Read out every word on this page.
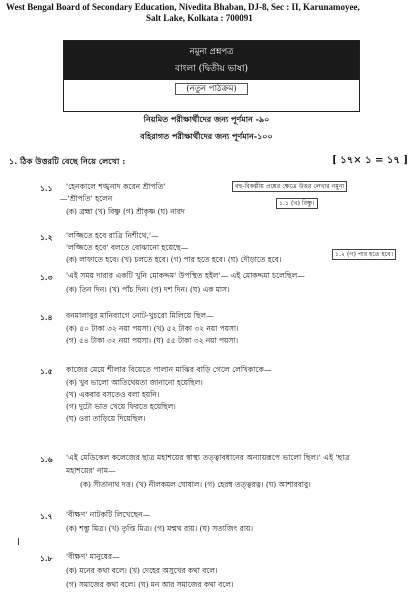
West Bengal Board of Secondary Education, Nivedita Bhaban, DJ-8, Sec : II, Karunamoyee,
Salt Lake, Kolkata : 700091
নমুনা প্রশ্নপত্র
বাংলা (দ্বিতীয় ভাষা)
(নতুন পাঠক্রম)
নিয়মিত পরীক্ষার্থীদের জন্য পূর্ণমান -৯০
বহিরাগত পরীক্ষার্থীদের জন্য পূর্ণমান-১০০
১. ঠিক উত্তরটি বেছে নিয়ে লেখো :	[ ১৭× ১ = ১৭ ]
বহু-বিকল্পীয় প্রশ্নের ক্ষেত্রে উত্তর লেখার নমুনা
১.১ (খ) বিষ্ণু।
১.২ (গ) পার হতে হবে।
১.১ 'হেনকালে শঙ্খনাদ করেন শ্রীপতি'
—'শ্রীপতি' হলেন
(ক) ব্রহ্মা (খ) বিষ্ণু (গ) শ্রীকৃষ্ণ (ঘ) নারদ
১.২ 'লজ্জিতে হবে রাত্রি নিশীথে,'—
'লজ্জিতে হবে' বলতে বোঝানো হয়েছে—
(ক) লাফাতে হবে। (খ) চলতে হবে। (গ) পার হতে হবে। (ঘ) দৌড়াতে হবে।
১.৩ 'এই সময় দারার একটি খুনি মোকদ্দম' উপস্থিত হইল'— এই মোকদ্দমা চলেছিল—
(ক) তিন দিন। (খ) পাঁচ দিন। (গ) দশ দিন। (ঘ) এক মাস।
১.৪ বনমালাবুর মানিব্যাগে নোট-খুচরো মিলিয়ে ছিল—
(ক) ৫০ টাকা ৩২ নয়া পয়সা। (খ) ৫২ টাকা ৩২ নয়া পয়সা।
(গ) ৫৪ টাকা ৩২ নয়া পয়সা। (ঘ) ৫৫ টাকা ৩২ নয়া পয়সা।
১.৫ কাজের মেয়ে শীলার বিয়েতে পালান মাঝির বাড়ি গেলে লেখিকাকে—
(ক) খুব ভালো আতিথেয়তা জানানো হয়েছিল।
(খ) একবার বসতেও বলা হয়নি।
(গ) দুটো ভাত খেয়ে ফিরতে হয়েছিল।
(ঘ) ওরা তাড়িয়ে দিয়েছিল।
১.৬ 'এই মেডিকেল কলেজের ছাত্র মহাশয়ের স্বাস্থ্য তত্ত্বাবধানের অন্যায়রূপে ভালো ছিল।' এই 'ছাত্র
মহাশয়ের' নাম—
(ক) সীতানাথ দত্ত। (খ) নীলকমল ঘোষাল। (গ) হেরম্ব তত্ত্বরত্ন। (ঘ) আশারবাবু।
১.৭ 'বীক্ষণ' নাটকটি লিখেছেন—
(ক) শম্ভু মিত্র। (খ) তৃপ্তি মিত্র। (গ) মন্মথ রায়। (ঘ) সত্যজিৎ রায়।
১.৮ 'বীক্ষণ' মানুষের—
(ক) মনের কথা বলে। (খ) দেহের অসুখের কথা বলে।
(গ) সমাজের কথা বলে। (ঘ) মন আর সমাজের কথা বলে।
